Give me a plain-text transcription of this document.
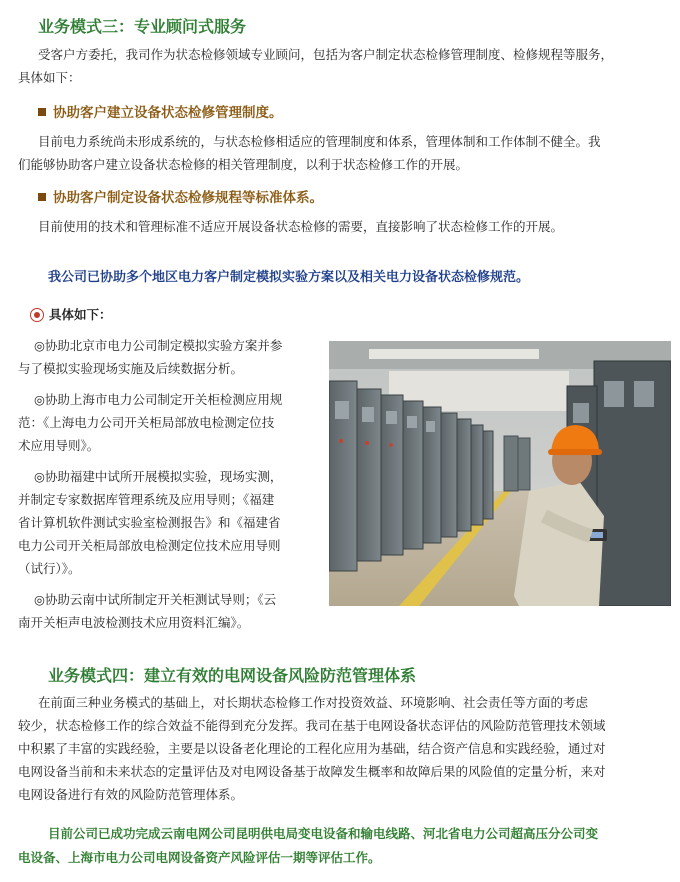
业务模式三：专业顾问式服务
受客户方委托，我司作为状态检修领域专业顾问，包括为客户制定状态检修管理制度、检修规程等服务，
具体如下：
协助客户建立设备状态检修管理制度。
目前电力系统尚未形成系统的，与状态检修相适应的管理制度和体系，管理体制和工作体制不健全。我
们能够协助客户建立设备状态检修的相关管理制度，以利于状态检修工作的开展。
协助客户制定设备状态检修规程等标准体系。
目前使用的技术和管理标准不适应开展设备状态检修的需要，直接影响了状态检修工作的开展。
我公司已协助多个地区电力客户制定模拟实验方案以及相关电力设备状态检修规范。
具体如下：
◎协助北京市电力公司制定模拟实验方案并参
与了模拟实验现场实施及后续数据分析。
◎协助上海市电力公司制定开关柜检测应用规
范：《上海电力公司开关柜局部放电检测定位技
术应用导则》。
◎协助福建中试所开展模拟实验，现场实测，
并制定专家数据库管理系统及应用导则；《福建
省计算机软件测试实验室检测报告》和《福建省
电力公司开关柜局部放电检测定位技术应用导则
（试行）》。
◎协助云南中试所制定开关柜测试导则；《云
南开关柜声电波检测技术应用资料汇编》。
业务模式四：建立有效的电网设备风险防范管理体系
在前面三种业务模式的基础上，对长期状态检修工作对投资效益、环境影响、社会责任等方面的考虑
较少，状态检修工作的综合效益不能得到充分发挥。我司在基于电网设备状态评估的风险防范管理技术领域
中积累了丰富的实践经验，主要是以设备老化理论的工程化应用为基础，结合资产信息和实践经验，通过对
电网设备当前和未来状态的定量评估及对电网设备基于故障发生概率和故障后果的风险值的定量分析，来对
电网设备进行有效的风险防范管理体系。
目前公司已成功完成云南电网公司昆明供电局变电设备和输电线路、河北省电力公司超高压分公司变
电设备、上海市电力公司电网设备资产风险评估一期等评估工作。
